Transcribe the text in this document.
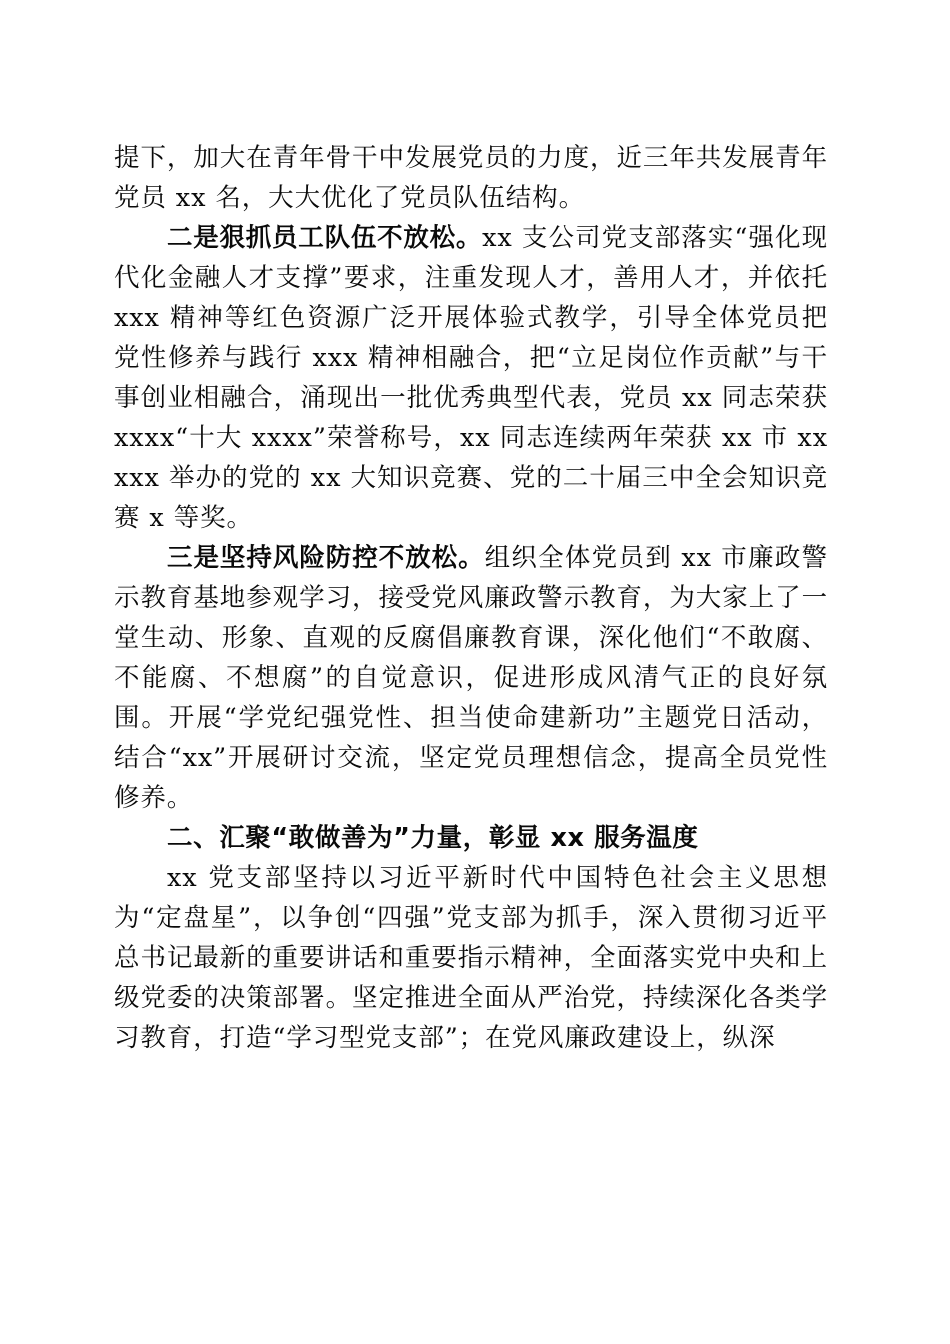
提下，加大在青年骨干中发展党员的力度，近三年共发展青年党员 xx 名，大大优化了党员队伍结构。

二是狠抓员工队伍不放松。xx 支公司党支部落实“强化现代化金融人才支撑”要求，注重发现人才，善用人才，并依托 xxx 精神等红色资源广泛开展体验式教学，引导全体党员把党性修养与践行 xxx 精神相融合，把“立足岗位作贡献”与干事创业相融合，涌现出一批优秀典型代表，党员 xx 同志荣获 xxxx“十大 xxxx”荣誉称号，xx 同志连续两年荣获 xx 市 xxxxx 举办的党的 xx 大知识竞赛、党的二十届三中全会知识竞赛 x 等奖。

三是坚持风险防控不放松。组织全体党员到 xx 市廉政警示教育基地参观学习，接受党风廉政警示教育，为大家上了一堂生动、形象、直观的反腐倡廉教育课，深化他们“不敢腐、不能腐、不想腐”的自觉意识，促进形成风清气正的良好氛围。开展“学党纪强党性、担当使命建新功”主题党日活动，结合“xx”开展研讨交流，坚定党员理想信念，提高全员党性修养。

二、汇聚“敢做善为”力量，彰显 xx 服务温度

xx 党支部坚持以习近平新时代中国特色社会主义思想为“定盘星”，以争创“四强”党支部为抓手，深入贯彻习近平总书记最新的重要讲话和重要指示精神，全面落实党中央和上级党委的决策部署。坚定推进全面从严治党，持续深化各类学习教育，打造“学习型党支部”；在党风廉政建设上，纵深
